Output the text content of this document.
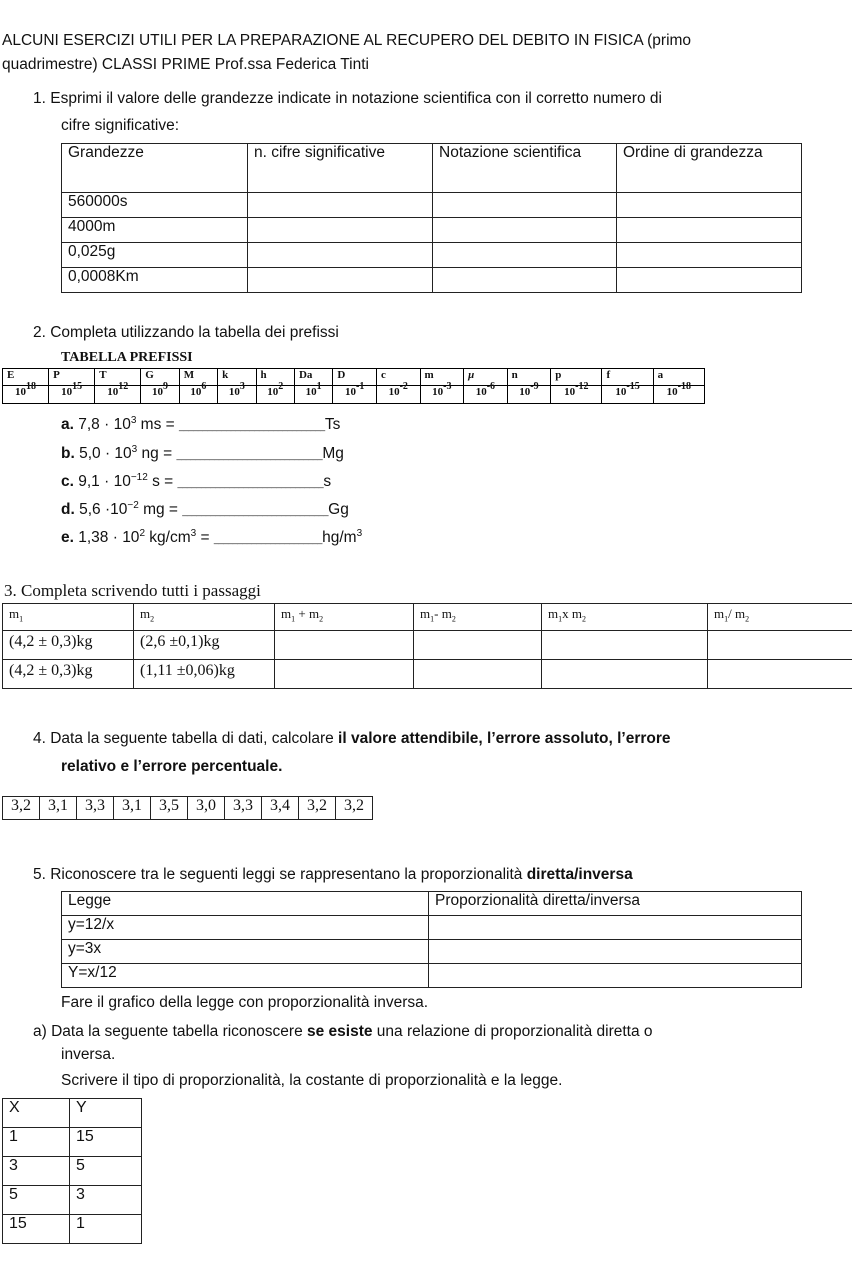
ALCUNI ESERCIZI UTILI PER LA PREPARAZIONE AL RECUPERO DEL DEBITO IN FISICA (primo
quadrimestre) CLASSI PRIME Prof.ssa Federica Tinti
1. Esprimi il valore delle grandezze indicate in notazione scientifica con il corretto numero di
cifre significative:
Grandezze	n. cifre significative	Notazione scientifica	Ordine di grandezza
560000s			
4000m			
0,025g			
0,0008Km			
2. Completa utilizzando la tabella dei prefissi
TABELLA PREFISSI
E	P	T	G	M	k	h	Da	D	c	m	μ	n	p	f	a
$10^{18}$	$10^{15}$	$10^{12}$	$10^9$	$10^6$	$10^3$	$10^2$	$10^1$	$10^{-1}$	$10^{-2}$	$10^{-3}$	$10^{-6}$	$10^{-9}$	$10^{-12}$	$10^{-15}$	$10^{-18}$
a. $7,8 \cdot 10^3$ ms = _______________________________Ts
b. $5,0 \cdot 10^3$ ng = _______________________________Mg
c. $9,1 \cdot 10^{-12}$ s = _______________________________s
d. $5,6 \cdot 10^{-2}$ mg = _______________________________Gg
e. $1,38 \cdot 10^2$ $kg/cm^3$ = $\_\_\_\_\_\_\_\_\_\_\_\_\_\_\_\_\_\_\_\_\_\_\_hg/m^3$
3. Completa scrivendo tutti i passaggi
$m_1$	$m_2$	$m_1 + m_2$	$m_1-$ $m_2$	$m_1x$ $m_2$	$m_1/$ $m_2$
(4,2 ± 0,3)kg	(2,6 ±0,1)kg				
(4,2 ± 0,3)kg	(1,11 ±0,06)kg				
4. Data la seguente tabella di dati, calcolare il valore attendibile, l’errore assoluto, l’errore
relativo e l’errore percentuale.
3,2	3,1	3,3	3,1	3,5	3,0	3,3	3,4	3,2	3,2
5. Riconoscere tra le seguenti leggi se rappresentano la proporzionalità diretta/inversa
Legge	Proporzionalità diretta/inversa
y=12/x	
y=3x	
Y=x/12	
Fare il grafico della legge con proporzionalità inversa.
a) Data la seguente tabella riconoscere se esiste una relazione di proporzionalità diretta o
inversa.
Scrivere il tipo di proporzionalità, la costante di proporzionalità e la legge.
X	Y
1	15
3	5
5	3
15	1
